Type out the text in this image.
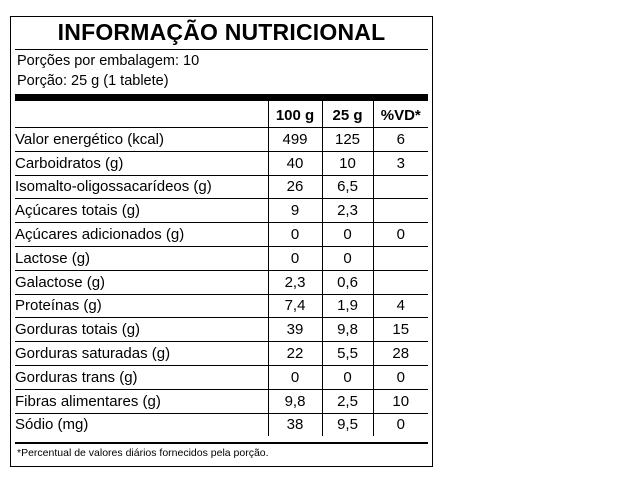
INFORMAÇÃO NUTRICIONAL
Porções por embalagem: 10
Porção: 25 g (1 tablete)
	100 g	25 g	%VD*
Valor energético (kcal)	499	125	6
Carboidratos (g)	40	10	3
Isomalto-oligossacarídeos (g)	26	6,5	
Açúcares totais (g)	9	2,3	
Açúcares adicionados (g)	0	0	0
Lactose (g)	0	0	
Galactose (g)	2,3	0,6	
Proteínas (g)	7,4	1,9	4
Gorduras totais (g)	39	9,8	15
Gorduras saturadas (g)	22	5,5	28
Gorduras trans (g)	0	0	0
Fibras alimentares (g)	9,8	2,5	10
Sódio (mg)	38	9,5	0
*Percentual de valores diários fornecidos pela porção.
